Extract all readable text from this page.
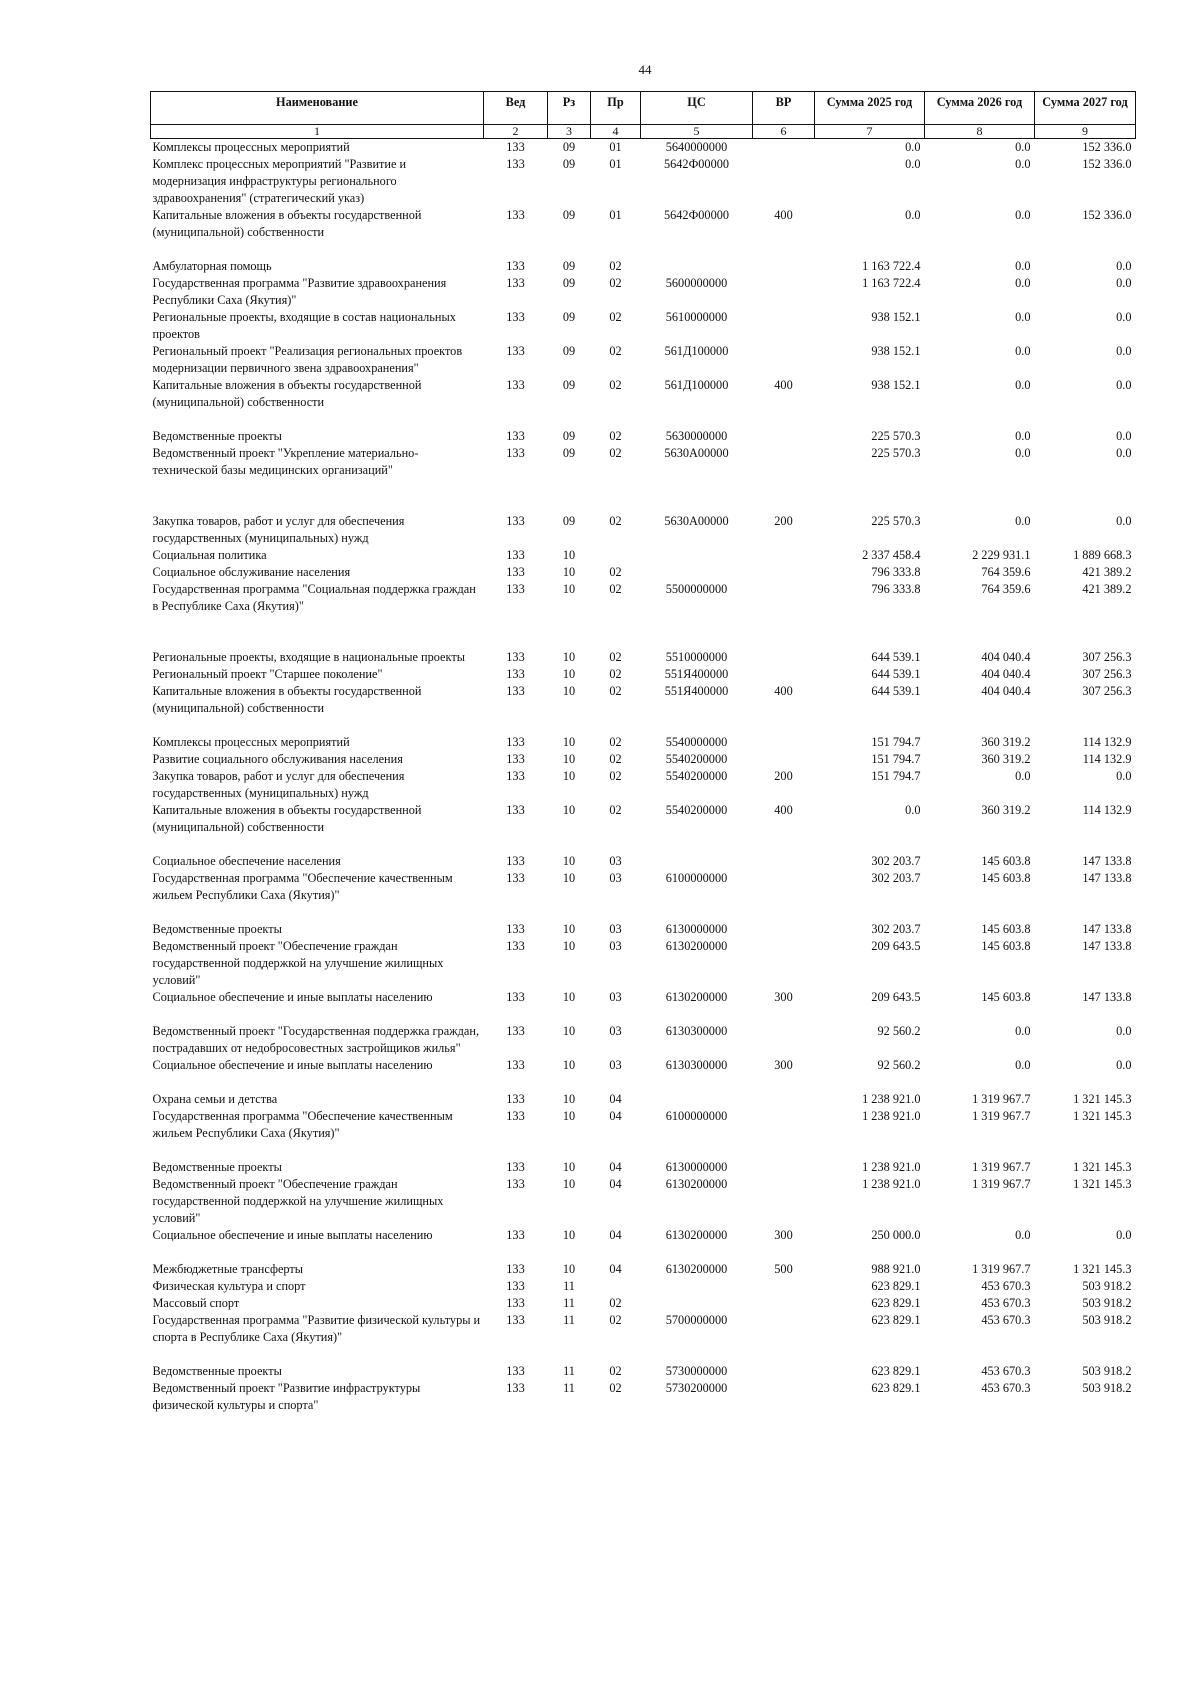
44
Наименование	Вед	Рз	Пр	ЦС	ВР	Сумма 2025 год	Сумма 2026 год	Сумма 2027 год
1	2	3	4	5	6	7	8	9
Комплексы процессных мероприятий	133	09	01	5640000000		0.0	0.0	152 336.0
Комплекс процессных мероприятий "Развитие и модернизация инфраструктуры регионального здравоохранения" (стратегический указ)	133	09	01	5642Ф00000		0.0	0.0	152 336.0
Капитальные вложения в объекты государственной (муниципальной) собственности	133	09	01	5642Ф00000	400	0.0	0.0	152 336.0
Амбулаторная помощь	133	09	02			1 163 722.4	0.0	0.0
Государственная программа "Развитие здравоохранения Республики Саха (Якутия)"	133	09	02	5600000000		1 163 722.4	0.0	0.0
Региональные проекты, входящие в состав национальных проектов	133	09	02	5610000000		938 152.1	0.0	0.0
Региональный проект "Реализация региональных проектов модернизации первичного звена здравоохранения"	133	09	02	561Д100000		938 152.1	0.0	0.0
Капитальные вложения в объекты государственной (муниципальной) собственности	133	09	02	561Д100000	400	938 152.1	0.0	0.0
Ведомственные проекты	133	09	02	5630000000		225 570.3	0.0	0.0
Ведомственный проект "Укрепление материально-технической базы медицинских организаций"	133	09	02	5630А00000		225 570.3	0.0	0.0
Закупка товаров, работ и услуг для обеспечения государственных (муниципальных) нужд	133	09	02	5630А00000	200	225 570.3	0.0	0.0
Социальная политика	133	10				2 337 458.4	2 229 931.1	1 889 668.3
Социальное обслуживание населения	133	10	02			796 333.8	764 359.6	421 389.2
Государственная программа "Социальная поддержка граждан в Республике Саха (Якутия)"	133	10	02	5500000000		796 333.8	764 359.6	421 389.2
Региональные проекты, входящие в национальные проекты	133	10	02	5510000000		644 539.1	404 040.4	307 256.3
Региональный проект "Старшее поколение"	133	10	02	551Я400000		644 539.1	404 040.4	307 256.3
Капитальные вложения в объекты государственной (муниципальной) собственности	133	10	02	551Я400000	400	644 539.1	404 040.4	307 256.3
Комплексы процессных мероприятий	133	10	02	5540000000		151 794.7	360 319.2	114 132.9
Развитие социального обслуживания населения	133	10	02	5540200000		151 794.7	360 319.2	114 132.9
Закупка товаров, работ и услуг для обеспечения государственных (муниципальных) нужд	133	10	02	5540200000	200	151 794.7	0.0	0.0
Капитальные вложения в объекты государственной (муниципальной) собственности	133	10	02	5540200000	400	0.0	360 319.2	114 132.9
Социальное обеспечение населения	133	10	03			302 203.7	145 603.8	147 133.8
Государственная программа "Обеспечение качественным жильем Республики Саха (Якутия)"	133	10	03	6100000000		302 203.7	145 603.8	147 133.8
Ведомственные проекты	133	10	03	6130000000		302 203.7	145 603.8	147 133.8
Ведомственный проект "Обеспечение граждан государственной поддержкой на улучшение жилищных условий"	133	10	03	6130200000		209 643.5	145 603.8	147 133.8
Социальное обеспечение и иные выплаты населению	133	10	03	6130200000	300	209 643.5	145 603.8	147 133.8
Ведомственный проект "Государственная поддержка граждан, пострадавших от недобросовестных застройщиков жилья"	133	10	03	6130300000		92 560.2	0.0	0.0
Социальное обеспечение и иные выплаты населению	133	10	03	6130300000	300	92 560.2	0.0	0.0
Охрана семьи и детства	133	10	04			1 238 921.0	1 319 967.7	1 321 145.3
Государственная программа "Обеспечение качественным жильем Республики Саха (Якутия)"	133	10	04	6100000000		1 238 921.0	1 319 967.7	1 321 145.3
Ведомственные проекты	133	10	04	6130000000		1 238 921.0	1 319 967.7	1 321 145.3
Ведомственный проект "Обеспечение граждан государственной поддержкой на улучшение жилищных условий"	133	10	04	6130200000		1 238 921.0	1 319 967.7	1 321 145.3
Социальное обеспечение и иные выплаты населению	133	10	04	6130200000	300	250 000.0	0.0	0.0
Межбюджетные трансферты	133	10	04	6130200000	500	988 921.0	1 319 967.7	1 321 145.3
Физическая культура и спорт	133	11				623 829.1	453 670.3	503 918.2
Массовый спорт	133	11	02			623 829.1	453 670.3	503 918.2
Государственная программа "Развитие физической культуры и спорта в Республике Саха (Якутия)"	133	11	02	5700000000		623 829.1	453 670.3	503 918.2
Ведомственные проекты	133	11	02	5730000000		623 829.1	453 670.3	503 918.2
Ведомственный проект "Развитие инфраструктуры физической культуры и спорта"	133	11	02	5730200000		623 829.1	453 670.3	503 918.2
